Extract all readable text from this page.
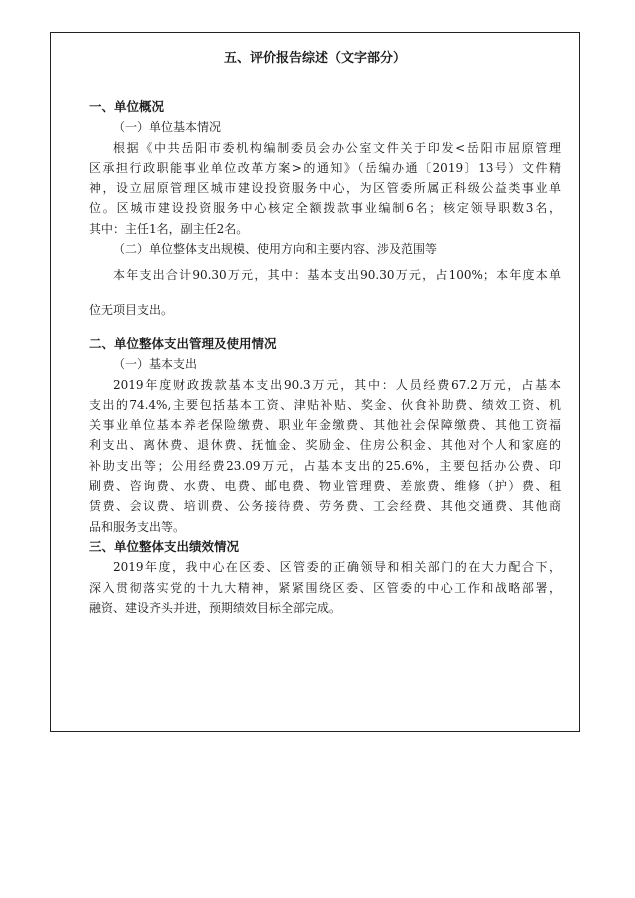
五、评价报告综述（文字部分）
一、单位概况
（一）单位基本情况
根据《中共岳阳市委机构编制委员会办公室文件关于印发<岳阳市屈原管理
区承担行政职能事业单位改革方案>的通知》（岳编办通〔2019〕13号）文件精
神，设立屈原管理区城市建设投资服务中心，为区管委所属正科级公益类事业单
位。区城市建设投资服务中心核定全额拨款事业编制6名；核定领导职数3名，
其中：主任1名，副主任2名。
（二）单位整体支出规模、使用方向和主要内容、涉及范围等
本年支出合计90.30万元，其中：基本支出90.30万元，占100%；本年度本单
位无项目支出。
二、单位整体支出管理及使用情况
（一）基本支出
2019年度财政拨款基本支出90.3万元，其中：人员经费67.2万元，占基本
支出的74.4%,主要包括基本工资、津贴补贴、奖金、伙食补助费、绩效工资、机
关事业单位基本养老保险缴费、职业年金缴费、其他社会保障缴费、其他工资福
利支出、离休费、退休费、抚恤金、奖励金、住房公积金、其他对个人和家庭的
补助支出等；公用经费23.09万元，占基本支出的25.6%，主要包括办公费、印
刷费、咨询费、水费、电费、邮电费、物业管理费、差旅费、维修（护）费、租
赁费、会议费、培训费、公务接待费、劳务费、工会经费、其他交通费、其他商
品和服务支出等。
三、单位整体支出绩效情况
2019年度，我中心在区委、区管委的正确领导和相关部门的在大力配合下，
深入贯彻落实党的十九大精神，紧紧围绕区委、区管委的中心工作和战略部署，
融资、建设齐头并进，预期绩效目标全部完成。
